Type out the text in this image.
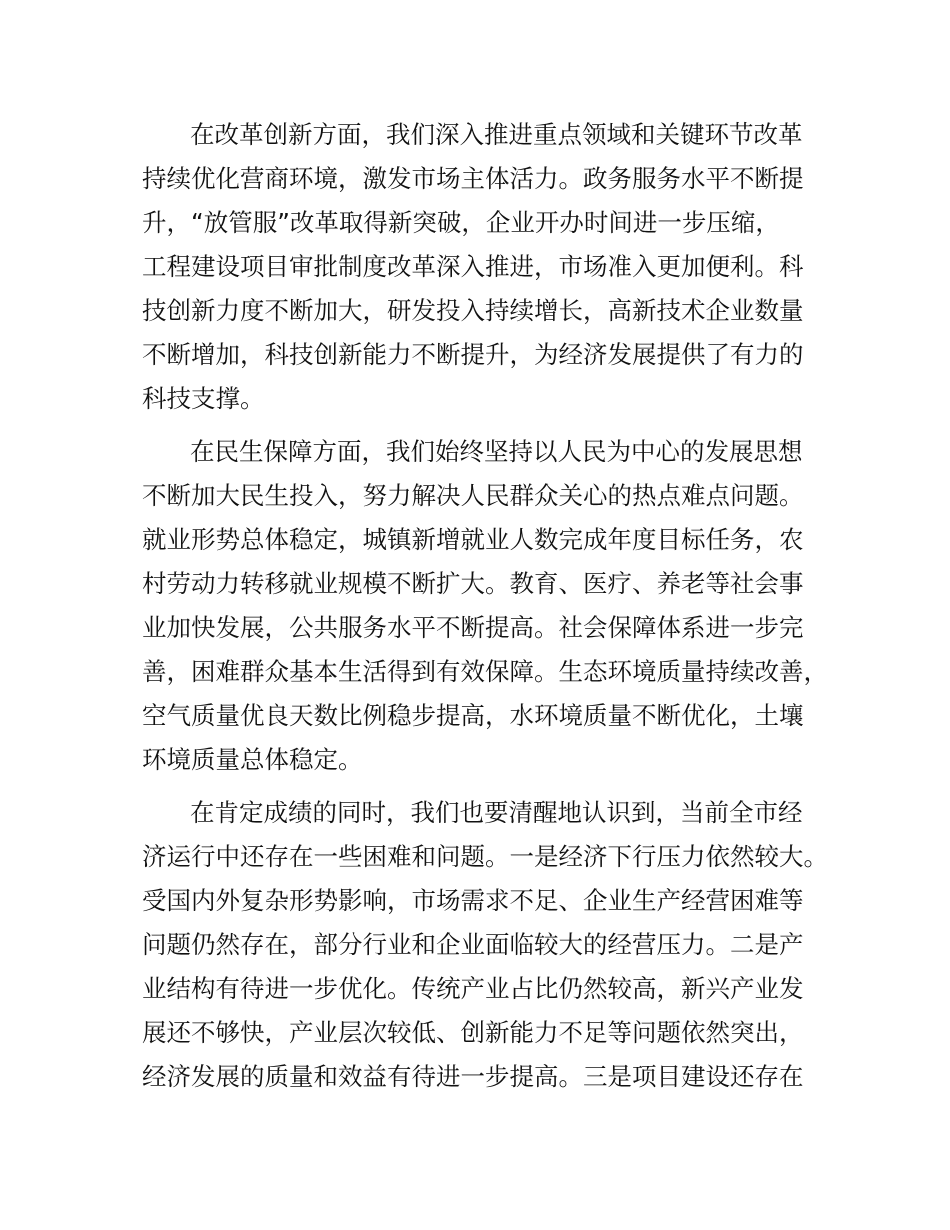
在改革创新方面，我们深入推进重点领域和关键环节改革
持续优化营商环境，激发市场主体活力。政务服务水平不断提
升，“放管服”改革取得新突破，企业开办时间进一步压缩，
工程建设项目审批制度改革深入推进，市场准入更加便利。科
技创新力度不断加大，研发投入持续增长，高新技术企业数量
不断增加，科技创新能力不断提升，为经济发展提供了有力的
科技支撑。
在民生保障方面，我们始终坚持以人民为中心的发展思想
不断加大民生投入，努力解决人民群众关心的热点难点问题。
就业形势总体稳定，城镇新增就业人数完成年度目标任务，农
村劳动力转移就业规模不断扩大。教育、医疗、养老等社会事
业加快发展，公共服务水平不断提高。社会保障体系进一步完
善，困难群众基本生活得到有效保障。生态环境质量持续改善，
空气质量优良天数比例稳步提高，水环境质量不断优化，土壤
环境质量总体稳定。
在肯定成绩的同时，我们也要清醒地认识到，当前全市经
济运行中还存在一些困难和问题。一是经济下行压力依然较大。
受国内外复杂形势影响，市场需求不足、企业生产经营困难等
问题仍然存在，部分行业和企业面临较大的经营压力。二是产
业结构有待进一步优化。传统产业占比仍然较高，新兴产业发
展还不够快，产业层次较低、创新能力不足等问题依然突出，
经济发展的质量和效益有待进一步提高。三是项目建设还存在
